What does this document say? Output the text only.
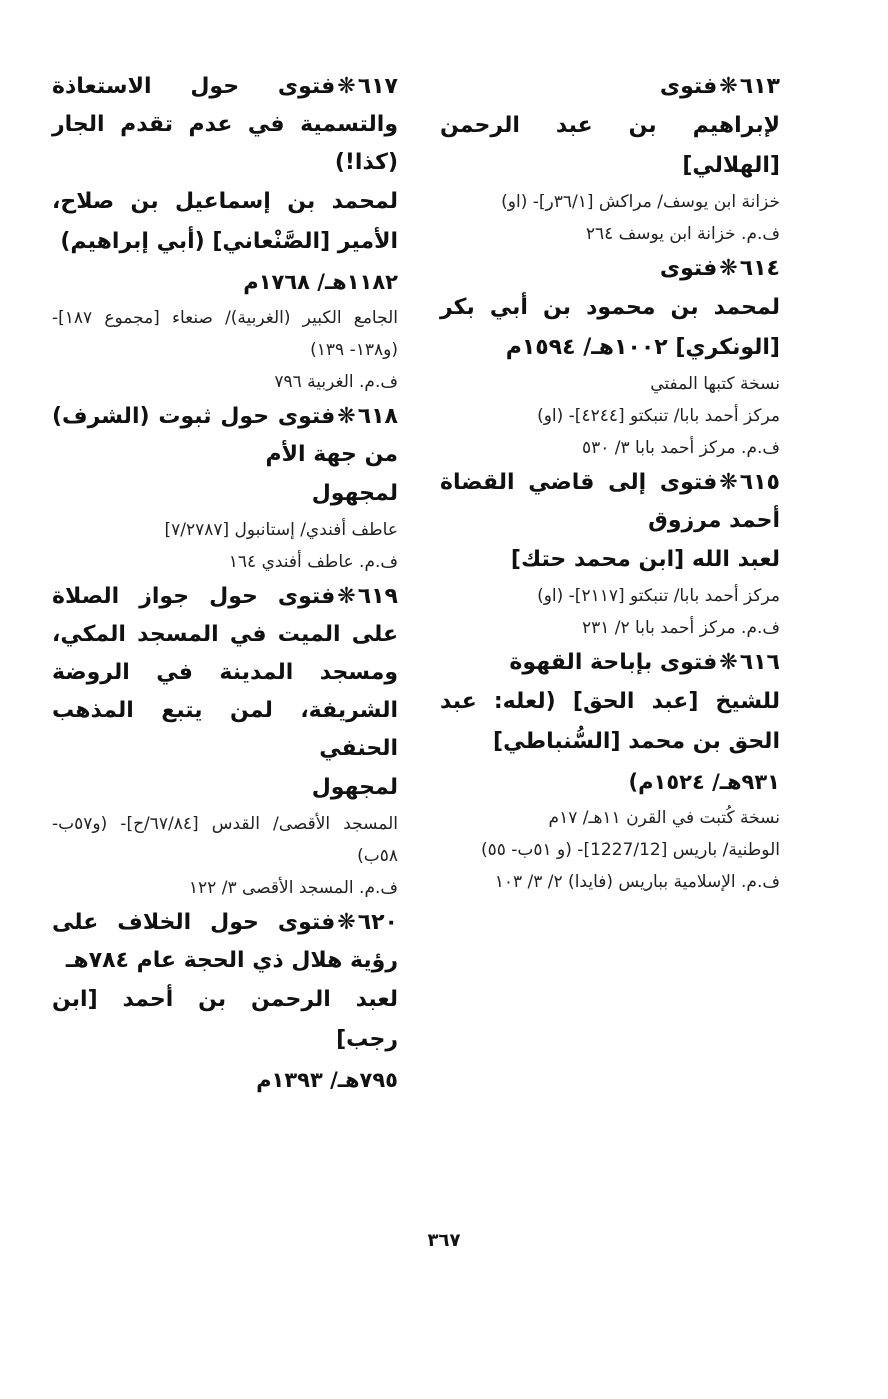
٦١٣❋فتوى
لإبراهيم بن عبد الرحمن [الهلالي]
خزانة ابن يوسف/ مراكش [٣٦/١ر]- (او)
ف.م. خزانة ابن يوسف ٢٦٤
٦١٤❋فتوى
لمحمد بن محمود بن أبي بكر [الونكري] ١٠٠٢هـ/ ١٥٩٤م
نسخة كتبها المفتي
مركز أحمد بابا/ تنبكتو [٤٢٤٤]- (او)
ف.م. مركز أحمد بابا ٣/ ٥٣٠
٦١٥❋فتوى إلى قاضي القضاة أحمد مرزوق
لعبد الله [ابن محمد حتك]
مركز أحمد بابا/ تنبكتو [٢١١٧]- (او)
ف.م. مركز أحمد بابا ٢/ ٢٣١
٦١٦❋فتوى بإباحة القهوة
للشيخ [عبد الحق] (لعله: عبد الحق بن محمد [السُّنباطي]
٩٣١هـ/ ١٥٢٤م)
نسخة كُتبت في القرن ١١هـ/ ١٧م
الوطنية/ باريس [1227/12]- (و ٥١ب- ٥٥)
ف.م. الإسلامية بباريس (فايدا) ٢/ ٣/ ١٠٣
٦١٧❋فتوى حول الاستعاذة والتسمية في عدم تقدم الجار (كذا!)
لمحمد بن إسماعيل بن صلاح، الأمير [الصَّنْعاني] (أبي إبراهيم)
١١٨٢هـ/ ١٧٦٨م
الجامع الكبير (الغربية)/ صنعاء [مجموع ١٨٧]- (و١٣٨- ١٣٩)
ف.م. الغربية ٧٩٦
٦١٨❋فتوى حول ثبوت (الشرف) من جهة الأم
لمجهول
عاطف أفندي/ إستانبول [٧/٢٧٨٧]
ف.م. عاطف أفندي ١٦٤
٦١٩❋فتوى حول جواز الصلاة على الميت في المسجد المكي، ومسجد المدينة في الروضة الشريفة، لمن يتبع المذهب الحنفي
لمجهول
المسجد الأقصى/ القدس [٦٧/٨٤/ح]- (و٥٧ب- ٥٨ب)
ف.م. المسجد الأقصى ٣/ ١٢٢
٦٢٠❋فتوى حول الخلاف على رؤية هلال ذي الحجة عام ٧٨٤هـ
لعبد الرحمن بن أحمد [ابن رجب]
٧٩٥هـ/ ١٣٩٣م
٣٦٧
